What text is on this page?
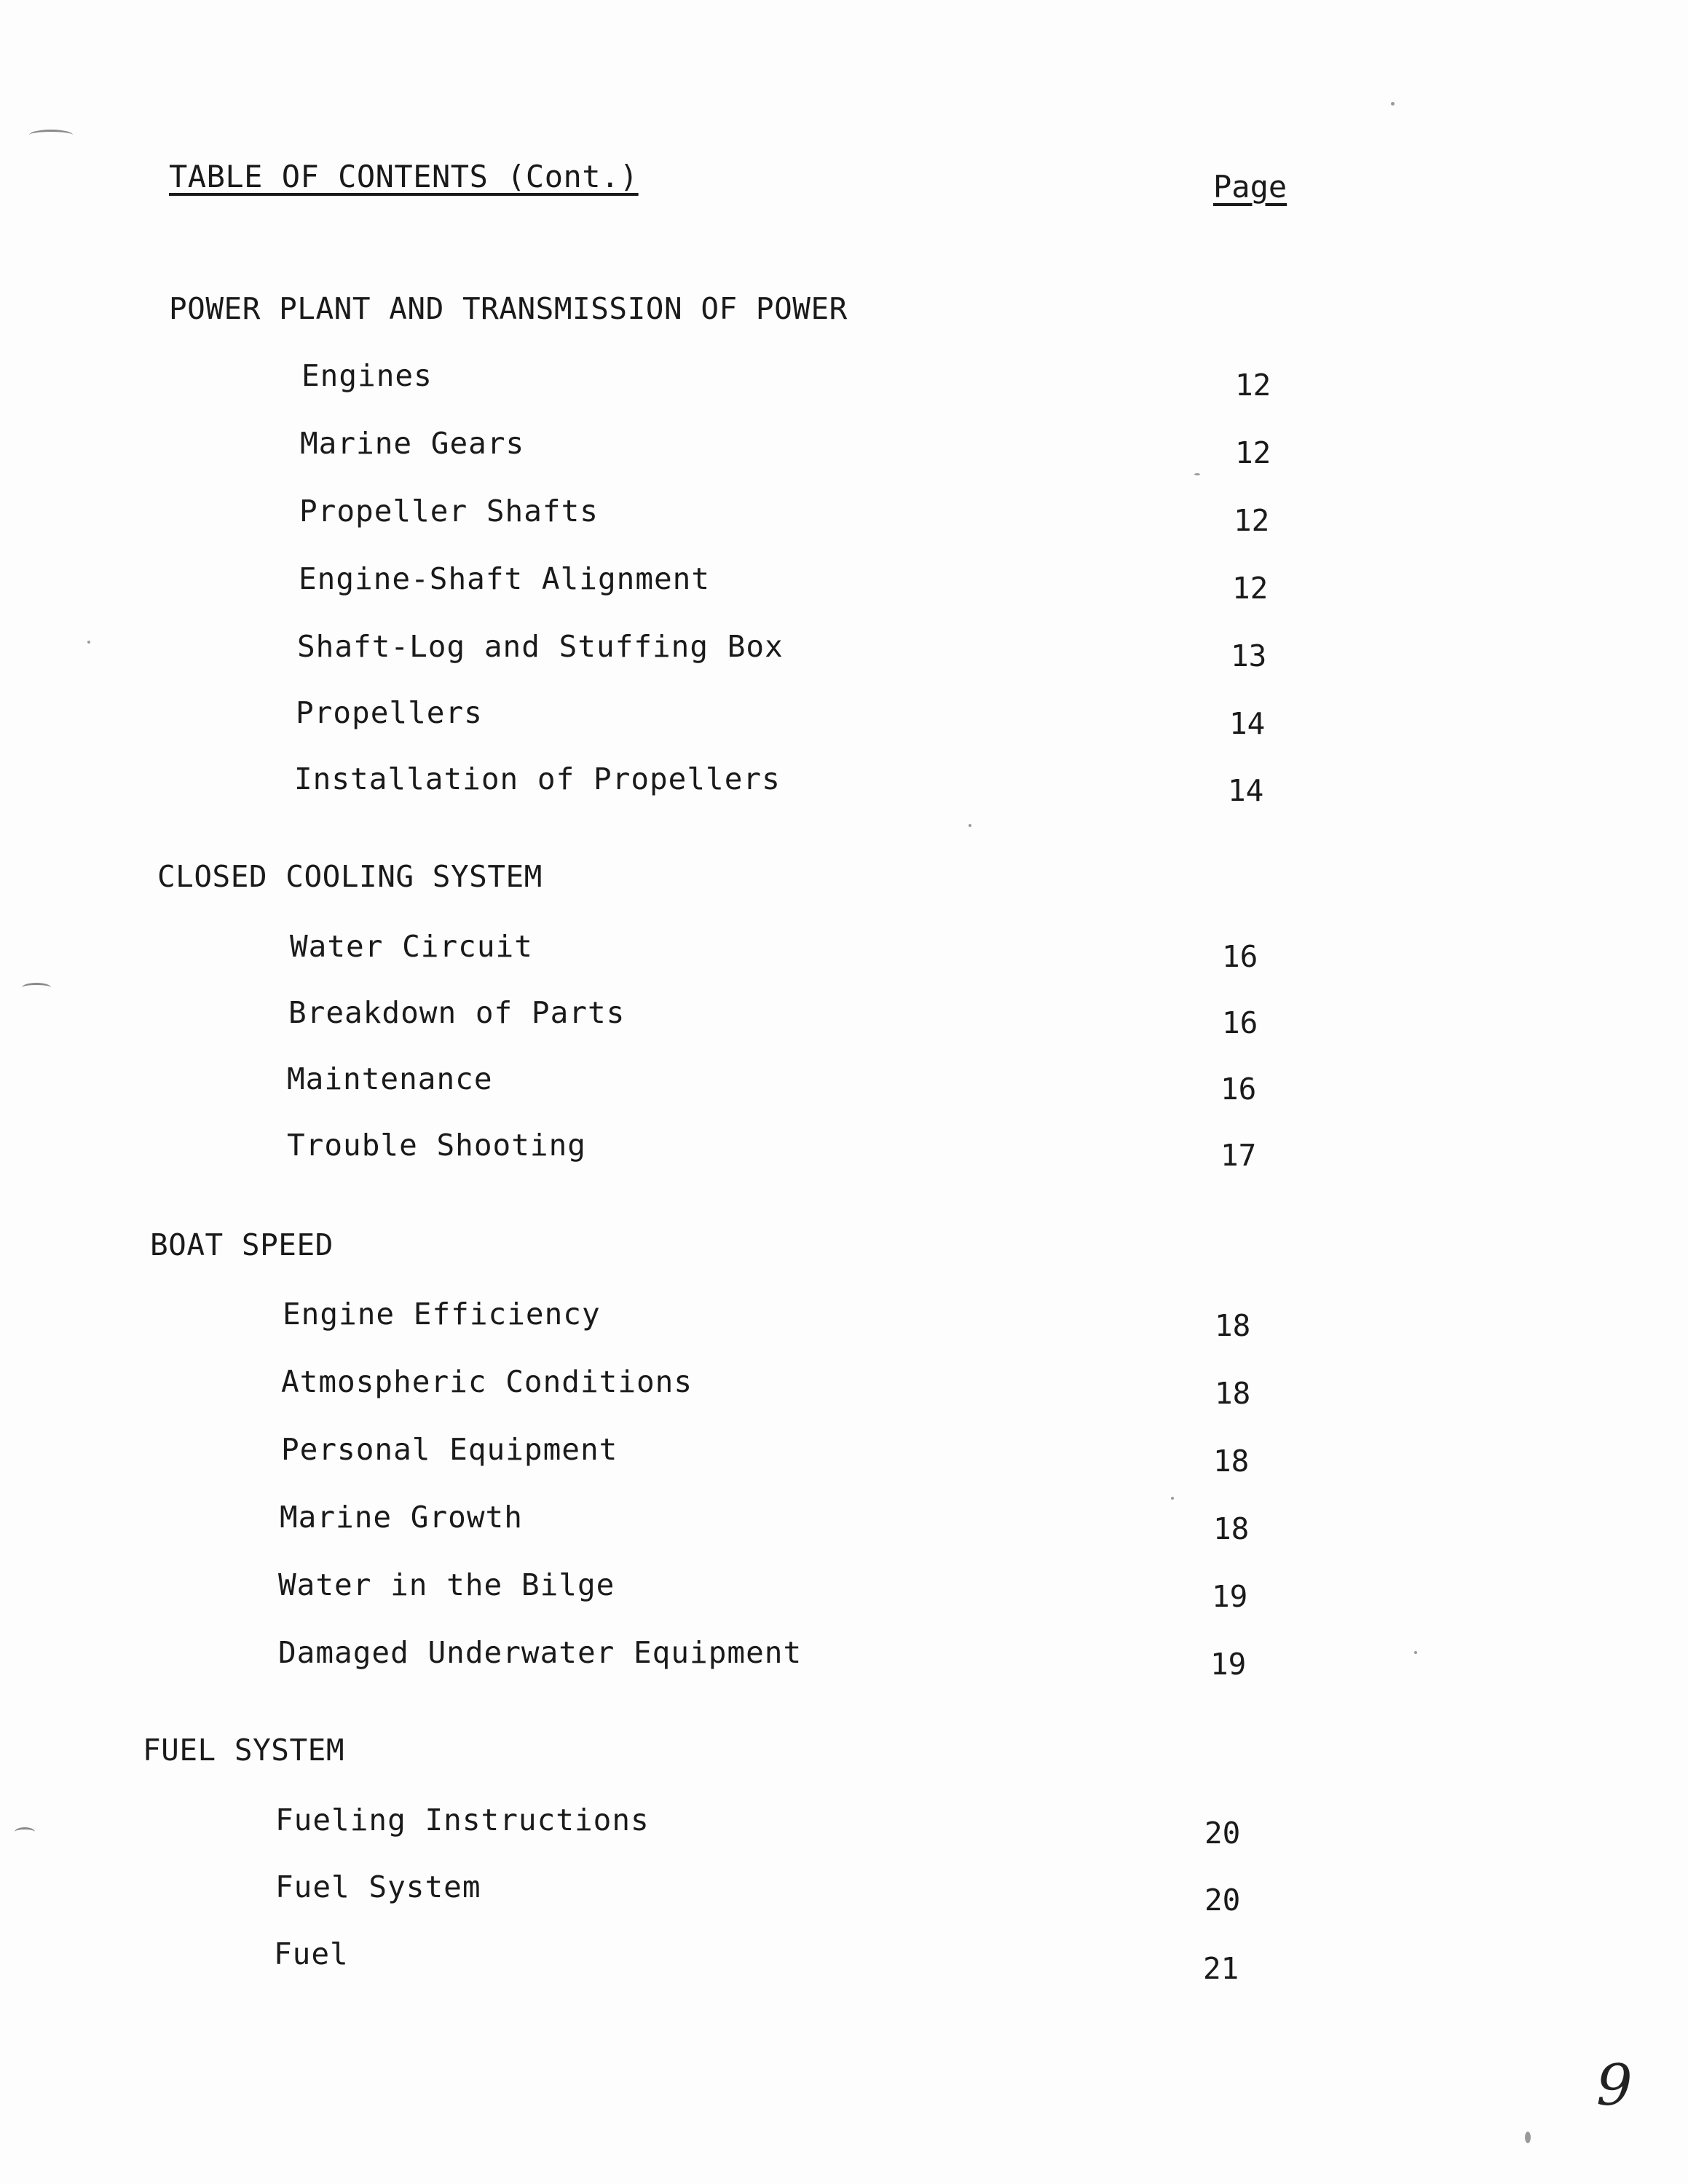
TABLE OF CONTENTS (Cont.)	Page
POWER PLANT AND TRANSMISSION OF POWER
Engines	12
Marine Gears	12
Propeller Shafts	12
Engine-Shaft Alignment	12
Shaft-Log and Stuffing Box	13
Propellers	14
Installation of Propellers	14
CLOSED COOLING SYSTEM
Water Circuit	16
Breakdown of Parts	16
Maintenance	16
Trouble Shooting	17
BOAT SPEED
Engine Efficiency	18
Atmospheric Conditions	18
Personal Equipment	18
Marine Growth	18
Water in the Bilge	19
Damaged Underwater Equipment	19
FUEL SYSTEM
Fueling Instructions	20
Fuel System	20
Fuel	21
9
